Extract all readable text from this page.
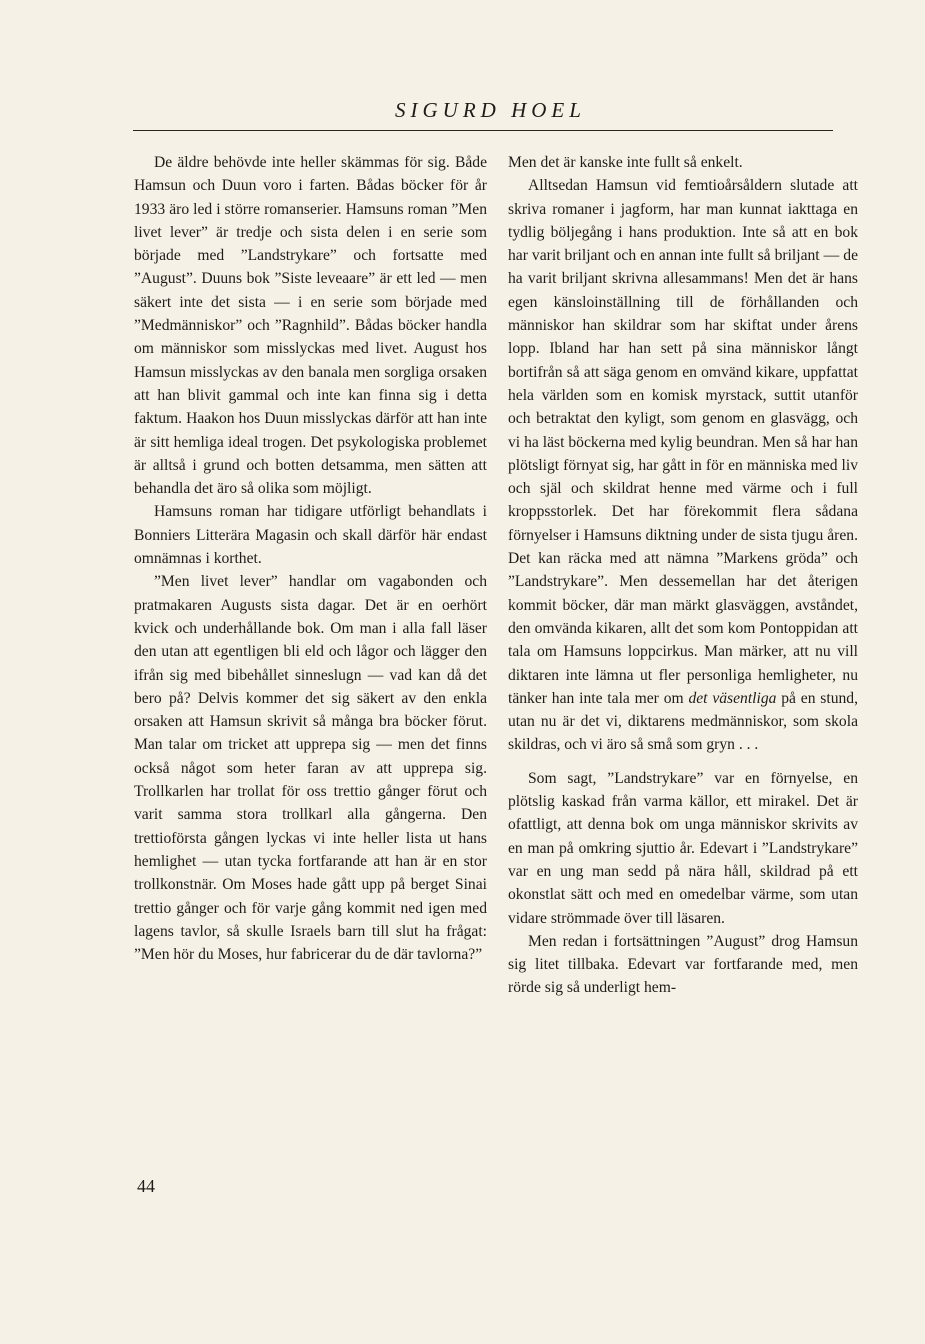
SIGURD HOEL

De äldre behövde inte heller skämmas för sig. Både Hamsun och Duun voro i farten. Bådas böcker för år 1933 äro led i större romanserier. Hamsuns roman ”Men livet lever” är tredje och sista delen i en serie som började med ”Landstrykare” och fortsatte med ”August”. Duuns bok ”Siste leveaare” är ett led — men säkert inte det sista — i en serie som började med ”Medmänniskor” och ”Ragnhild”. Bådas böcker handla om människor som misslyckas med livet. August hos Hamsun misslyckas av den banala men sorgliga orsaken att han blivit gammal och inte kan finna sig i detta faktum. Haakon hos Duun misslyckas därför att han inte är sitt hemliga ideal trogen. Det psykologiska problemet är alltså i grund och botten detsamma, men sätten att behandla det äro så olika som möjligt.

Hamsuns roman har tidigare utförligt behandlats i Bonniers Litterära Magasin och skall därför här endast omnämnas i korthet.

”Men livet lever” handlar om vagabonden och pratmakaren Augusts sista dagar. Det är en oerhört kvick och underhållande bok. Om man i alla fall läser den utan att egentligen bli eld och lågor och lägger den ifrån sig med bibehållet sinneslugn — vad kan då det bero på? Delvis kommer det sig säkert av den enkla orsaken att Hamsun skrivit så många bra böcker förut. Man talar om tricket att upprepa sig — men det finns också något som heter faran av att upprepa sig. Trollkarlen har trollat för oss trettio gånger förut och varit samma stora trollkarl alla gångerna. Den trettioförsta gången lyckas vi inte heller lista ut hans hemlighet — utan tycka fortfarande att han är en stor trollkonstnär. Om Moses hade gått upp på berget Sinai trettio gånger och för varje gång kommit ned igen med lagens tavlor, så skulle Israels barn till slut ha frågat: ”Men hör du Moses, hur fabricerar du de där tavlorna?”

Men det är kanske inte fullt så enkelt.

Alltsedan Hamsun vid femtioårsåldern slutade att skriva romaner i jagform, har man kunnat iakttaga en tydlig böljegång i hans produktion. Inte så att en bok har varit briljant och en annan inte fullt så briljant — de ha varit briljant skrivna allesammans! Men det är hans egen känsloinställning till de förhållanden och människor han skildrar som har skiftat under årens lopp. Ibland har han sett på sina människor långt bortifrån så att säga genom en omvänd kikare, uppfattat hela världen som en komisk myrstack, suttit utanför och betraktat den kyligt, som genom en glasvägg, och vi ha läst böckerna med kylig beundran. Men så har han plötsligt förnyat sig, har gått in för en människa med liv och själ och skildrat henne med värme och i full kroppsstorlek. Det har förekommit flera sådana förnyelser i Hamsuns diktning under de sista tjugu åren. Det kan räcka med att nämna ”Markens gröda” och ”Landstrykare”. Men dessemellan har det återigen kommit böcker, där man märkt glasväggen, avståndet, den omvända kikaren, allt det som kom Pontoppidan att tala om Hamsuns loppcirkus. Man märker, att nu vill diktaren inte lämna ut fler personliga hemligheter, nu tänker han inte tala mer om det väsentliga på en stund, utan nu är det vi, diktarens medmänniskor, som skola skildras, och vi äro så små som gryn . . .

Som sagt, ”Landstrykare” var en förnyelse, en plötslig kaskad från varma källor, ett mirakel. Det är ofattligt, att denna bok om unga människor skrivits av en man på omkring sjuttio år. Edevart i ”Landstrykare” var en ung man sedd på nära håll, skildrad på ett okonstlat sätt och med en omedelbar värme, som utan vidare strömmade över till läsaren.

Men redan i fortsättningen ”August” drog Hamsun sig litet tillbaka. Edevart var fortfarande med, men rörde sig så underligt hem-

44
